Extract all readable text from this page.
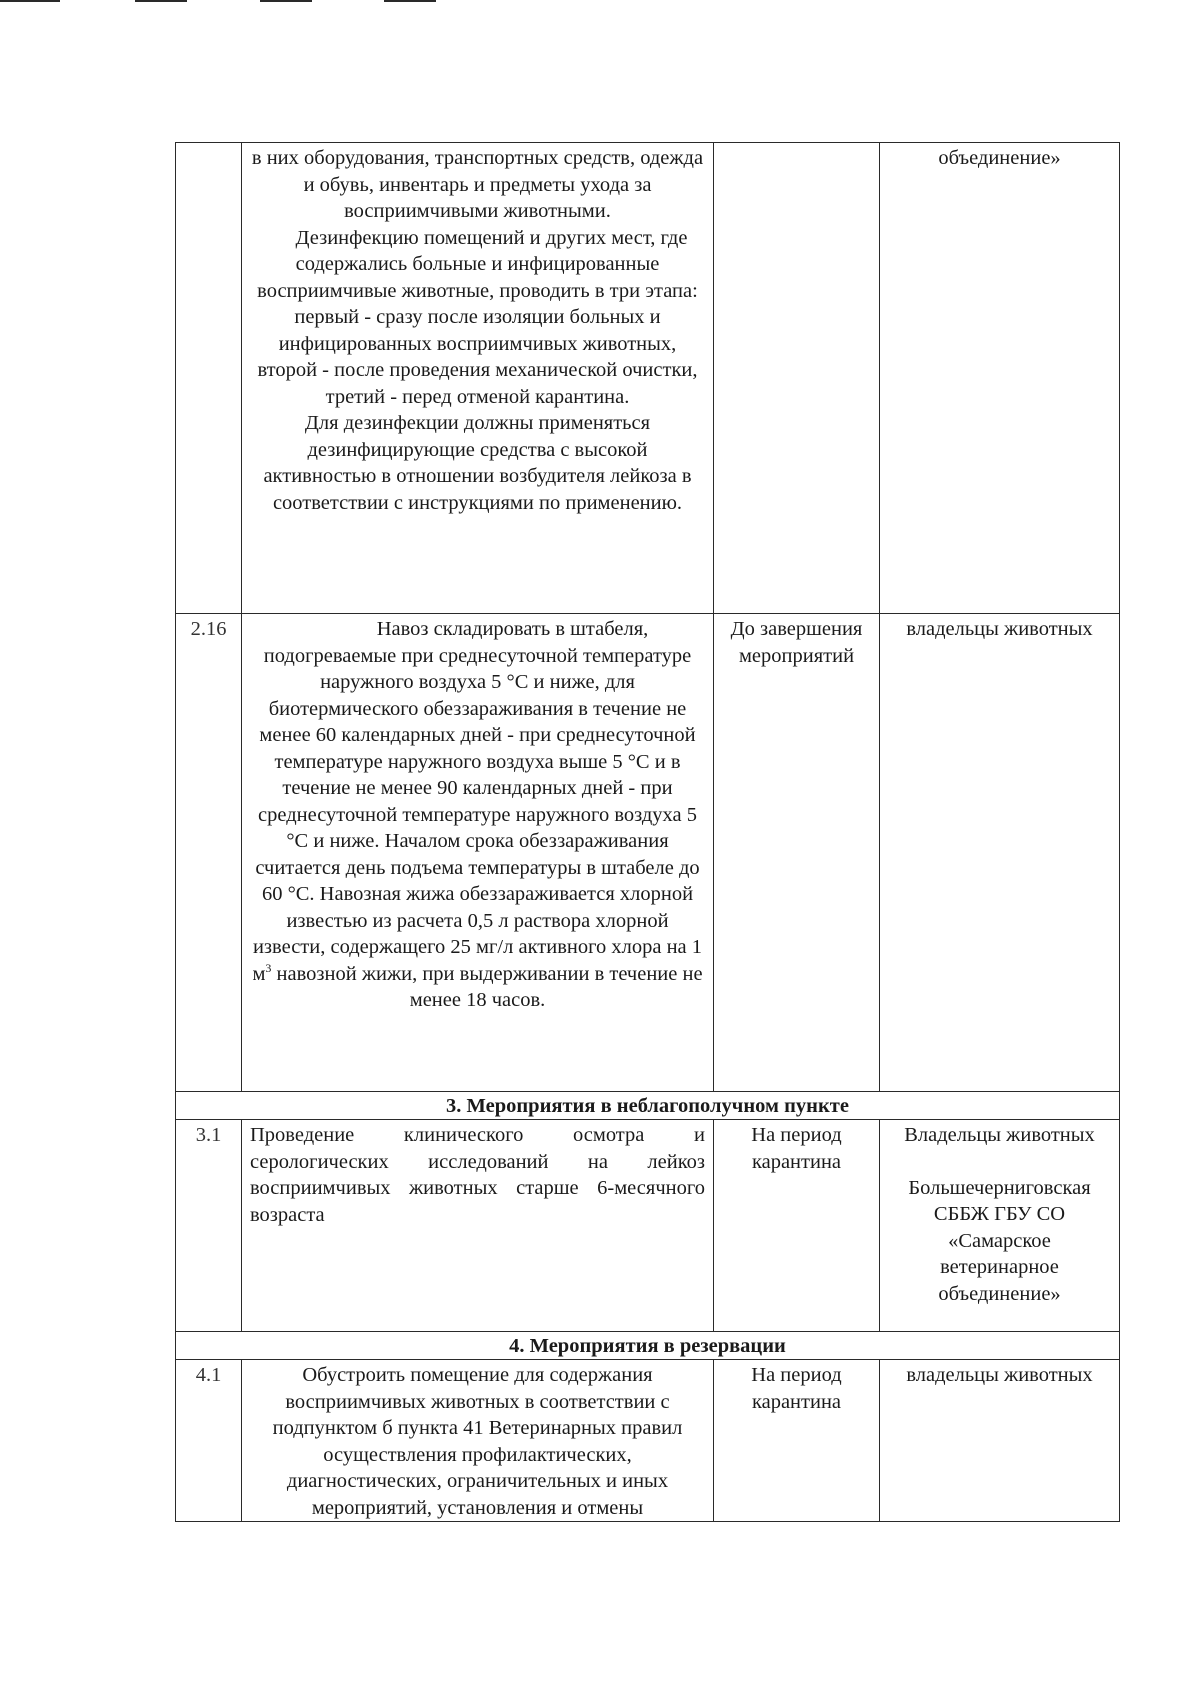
	в них оборудования, транспортных средств, одежда и обувь, инвентарь и предметы ухода за восприимчивыми животными.
Дезинфекцию помещений и других мест, где содержались больные и инфицированные восприимчивые животные, проводить в три этапа: первый - сразу после изоляции больных и инфицированных восприимчивых животных, второй - после проведения механической очистки, третий - перед отменой карантина.
Для дезинфекции должны применяться дезинфицирующие средства с высокой активностью в отношении возбудителя лейкоза в соответствии с инструкциями по применению.		объединение»
2.16	Навоз складировать в штабеля, подогреваемые при среднесуточной температуре наружного воздуха 5 °С и ниже, для биотермического обеззараживания в течение не менее 60 календарных дней - при среднесуточной температуре наружного воздуха выше 5 °С и в течение не менее 90 календарных дней - при среднесуточной температуре наружного воздуха 5 °С и ниже. Началом срока обеззараживания считается день подъема температуры в штабеле до 60 °С. Навозная жижа обеззараживается хлорной известью из расчета 0,5 л раствора хлорной извести, содержащего 25 мг/л активного хлора на 1 $м^3$ навозной жижи, при выдерживании в течение не менее 18 часов.	До завершения мероприятий	владельцы животных
3. Мероприятия в неблагополучном пункте			
3.1	Проведение клинического осмотра и серологических исследований на лейкоз восприимчивых животных старше 6-месячного возраста	На период карантина	Владельцы животных
Большечерниговская СББЖ ГБУ СО «Самарское ветеринарное объединение»

4. Мероприятия в резервации			
4.1	Обустроить помещение для содержания восприимчивых животных в соответствии с подпунктом б пункта 41 Ветеринарных правил осуществления профилактических, диагностических, ограничительных и иных мероприятий, установления и отмены	На период карантина	владельцы животных
